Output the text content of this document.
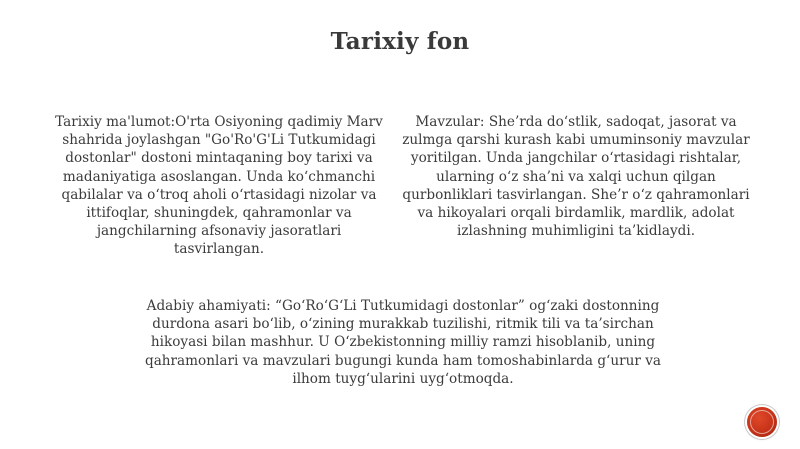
Tarixiy fon
Tarixiy ma'lumot:O'rta Osiyoning qadimiy Marv shahrida joylashgan "Go'Ro'G'Li Tutkumidagi dostonlar" dostoni mintaqaning boy tarixi va madaniyatiga asoslangan. Unda ko‘chmanchi qabilalar va o‘troq aholi o‘rtasidagi nizolar va ittifoqlar, shuningdek, qahramonlar va jangchilarning afsonaviy jasoratlari tasvirlangan.
Mavzular: She’rda do‘stlik, sadoqat, jasorat va zulmga qarshi kurash kabi umuminsoniy mavzular yoritilgan. Unda jangchilar o‘rtasidagi rishtalar, ularning o‘z sha’ni va xalqi uchun qilgan qurbonliklari tasvirlangan. She’r o‘z qahramonlari va hikoyalari orqali birdamlik, mardlik, adolat izlashning muhimligini ta’kidlaydi.
Adabiy ahamiyati: “Go‘Ro‘G‘Li Tutkumidagi dostonlar” og‘zaki dostonning durdona asari bo‘lib, o‘zining murakkab tuzilishi, ritmik tili va ta’sirchan hikoyasi bilan mashhur. U O‘zbekistonning milliy ramzi hisoblanib, uning qahramonlari va mavzulari bugungi kunda ham tomoshabinlarda g‘urur va ilhom tuyg‘ularini uyg‘otmoqda.
